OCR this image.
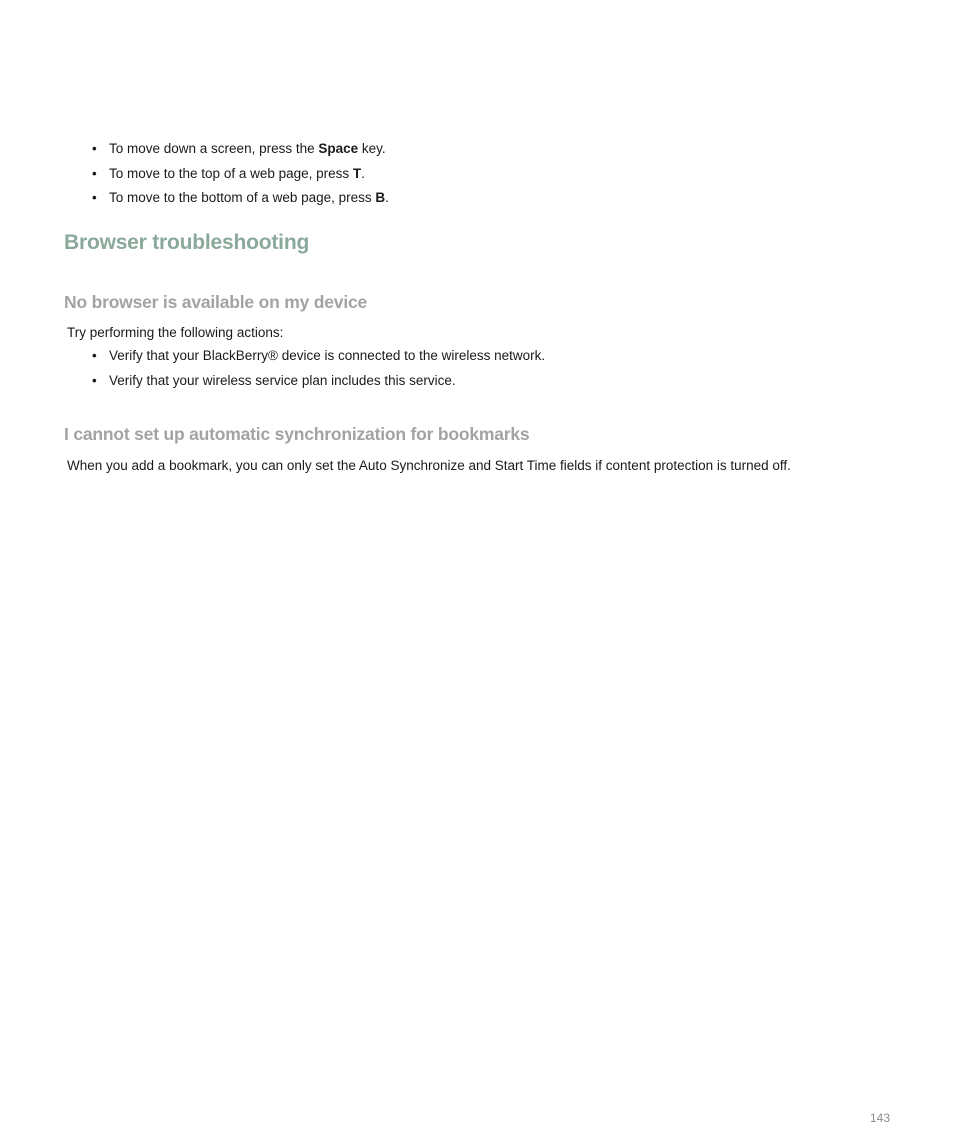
• To move down a screen, press the Space key.
• To move to the top of a web page, press T.
• To move to the bottom of a web page, press B.
Browser troubleshooting
No browser is available on my device

Try performing the following actions:

• Verify that your BlackBerry® device is connected to the wireless network.
• Verify that your wireless service plan includes this service.
I cannot set up automatic synchronization for bookmarks

When you add a bookmark, you can only set the Auto Synchronize and Start Time fields if content protection is turned off.

143
